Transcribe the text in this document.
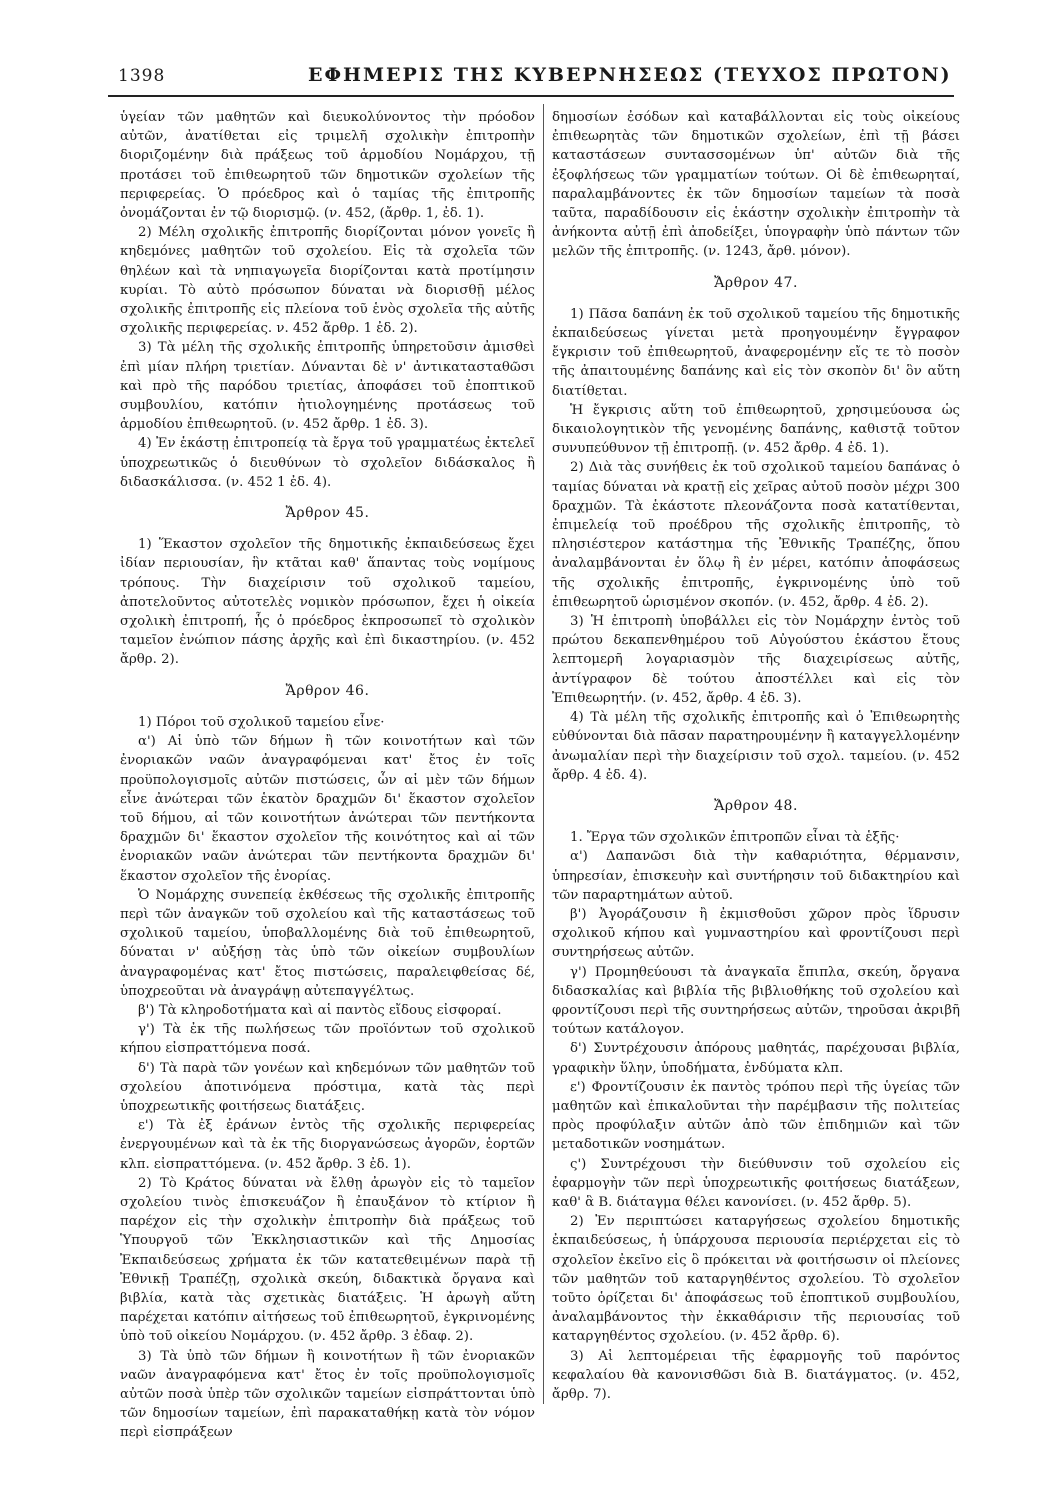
1398	ΕΦΗΜΕΡΙΣ ΤΗΣ ΚΥΒΕΡΝΗΣΕΩΣ (ΤΕΥΧΟΣ ΠΡΩΤΟΝ)

ὑγείαν τῶν μαθητῶν καὶ διευκολύνοντος τὴν πρόοδον αὐτῶν, ἀνατίθεται εἰς τριμελῆ σχολικὴν ἐπιτροπὴν διοριζομένην διὰ πράξεως τοῦ ἁρμοδίου Νομάρχου, τῇ προτάσει τοῦ ἐπιθεωρητοῦ τῶν δημοτικῶν σχολείων τῆς περιφερείας. Ὁ πρόεδρος καὶ ὁ ταμίας τῆς ἐπιτροπῆς ὀνομάζονται ἐν τῷ διορισμῷ. (ν. 452, (ἄρθρ. 1, ἐδ. 1).

2) Μέλη σχολικῆς ἐπιτροπῆς διορίζονται μόνον γονεῖς ἢ κηδεμόνες μαθητῶν τοῦ σχολείου. Εἰς τὰ σχολεῖα τῶν θηλέων καὶ τὰ νηπιαγωγεῖα διορίζονται κατὰ προτίμησιν κυρίαι. Τὸ αὐτὸ πρόσωπον δύναται νὰ διορισθῇ μέλος σχολικῆς ἐπιτροπῆς εἰς πλείονα τοῦ ἑνὸς σχολεῖα τῆς αὐτῆς σχολικῆς περιφερείας. ν. 452 ἄρθρ. 1 ἐδ. 2).

3) Τὰ μέλη τῆς σχολικῆς ἐπιτροπῆς ὑπηρετοῦσιν ἀμισθεὶ ἐπὶ μίαν πλήρη τριετίαν. Δύνανται δὲ ν' ἀντικατασταθῶσι καὶ πρὸ τῆς παρόδου τριετίας, ἀποφάσει τοῦ ἐποπτικοῦ συμβουλίου, κατόπιν ἠτιολογημένης προτάσεως τοῦ ἁρμοδίου ἐπιθεωρητοῦ. (ν. 452 ἄρθρ. 1 ἐδ. 3).

4) Ἐν ἑκάστῃ ἐπιτροπείᾳ τὰ ἔργα τοῦ γραμματέως ἐκτελεῖ ὑποχρεωτικῶς ὁ διευθύνων τὸ σχολεῖον διδάσκαλος ἢ διδασκάλισσα. (ν. 452 1 ἐδ. 4).

Ἄρθρον 45.

1) Ἕκαστον σχολεῖον τῆς δημοτικῆς ἐκπαιδεύσεως ἔχει ἰδίαν περιουσίαν, ἣν κτᾶται καθ' ἅπαντας τοὺς νομίμους τρόπους. Τὴν διαχείρισιν τοῦ σχολικοῦ ταμείου, ἀποτελοῦντος αὐτοτελὲς νομικὸν πρόσωπον, ἔχει ἡ οἰκεία σχολικὴ ἐπιτροπή, ἧς ὁ πρόεδρος ἐκπροσωπεῖ τὸ σχολικὸν ταμεῖον ἐνώπιον πάσης ἀρχῆς καὶ ἐπὶ δικαστηρίου. (ν. 452 ἄρθρ. 2).

Ἄρθρον 46.

1) Πόροι τοῦ σχολικοῦ ταμείου εἶνε·

α') Αἱ ὑπὸ τῶν δήμων ἢ τῶν κοινοτήτων καὶ τῶν ἐνοριακῶν ναῶν ἀναγραφόμεναι κατ' ἔτος ἐν τοῖς προϋπολογισμοῖς αὐτῶν πιστώσεις, ὧν αἱ μὲν τῶν δήμων εἶνε ἀνώτεραι τῶν ἑκατὸν δραχμῶν δι' ἕκαστον σχολεῖον τοῦ δήμου, αἱ τῶν κοινοτήτων ἀνώτεραι τῶν πεντήκοντα δραχμῶν δι' ἕκαστον σχολεῖον τῆς κοινότητος καὶ αἱ τῶν ἐνοριακῶν ναῶν ἀνώτεραι τῶν πεντήκοντα δραχμῶν δι' ἕκαστον σχολεῖον τῆς ἐνορίας.

Ὁ Νομάρχης συνεπείᾳ ἐκθέσεως τῆς σχολικῆς ἐπιτροπῆς περὶ τῶν ἀναγκῶν τοῦ σχολείου καὶ τῆς καταστάσεως τοῦ σχολικοῦ ταμείου, ὑποβαλλομένης διὰ τοῦ ἐπιθεωρητοῦ, δύναται ν' αὐξήσῃ τὰς ὑπὸ τῶν οἰκείων συμβουλίων ἀναγραφομένας κατ' ἔτος πιστώσεις, παραλειφθείσας δέ, ὑποχρεοῦται νὰ ἀναγράψῃ αὐτεπαγγέλτως.

β') Τὰ κληροδοτήματα καὶ αἱ παντὸς εἴδους εἰσφοραί.

γ') Τὰ ἐκ τῆς πωλήσεως τῶν προϊόντων τοῦ σχολικοῦ κήπου εἰσπραττόμενα ποσά.

δ') Τὰ παρὰ τῶν γονέων καὶ κηδεμόνων τῶν μαθητῶν τοῦ σχολείου ἀποτινόμενα πρόστιμα, κατὰ τὰς περὶ ὑποχρεωτικῆς φοιτήσεως διατάξεις.

ε') Τὰ ἐξ ἐράνων ἐντὸς τῆς σχολικῆς περιφερείας ἐνεργουμένων καὶ τὰ ἐκ τῆς διοργανώσεως ἀγορῶν, ἑορτῶν κλπ. εἰσπραττόμενα. (ν. 452 ἄρθρ. 3 ἐδ. 1).

2) Τὸ Κράτος δύναται νὰ ἔλθῃ ἀρωγὸν εἰς τὸ ταμεῖον σχολείου τινὸς ἐπισκευάζον ἢ ἐπαυξάνον τὸ κτίριον ἢ παρέχον εἰς τὴν σχολικὴν ἐπιτροπὴν διὰ πράξεως τοῦ Ὑπουργοῦ τῶν Ἐκκλησιαστικῶν καὶ τῆς Δημοσίας Ἐκπαιδεύσεως χρήματα ἐκ τῶν κατατεθειμένων παρὰ τῇ Ἐθνικῇ Τραπέζῃ, σχολικὰ σκεύη, διδακτικὰ ὄργανα καὶ βιβλία, κατὰ τὰς σχετικὰς διατάξεις. Ἡ ἀρωγὴ αὕτη παρέχεται κατόπιν αἰτήσεως τοῦ ἐπιθεωρητοῦ, ἐγκρινομένης ὑπὸ τοῦ οἰκείου Νομάρχου. (ν. 452 ἄρθρ. 3 ἐδαφ. 2).

3) Τὰ ὑπὸ τῶν δήμων ἢ κοινοτήτων ἢ τῶν ἐνοριακῶν ναῶν ἀναγραφόμενα κατ' ἔτος ἐν τοῖς προϋπολογισμοῖς αὐτῶν ποσὰ ὑπὲρ τῶν σχολικῶν ταμείων εἰσπράττονται ὑπὸ τῶν δημοσίων ταμείων, ἐπὶ παρακαταθήκῃ κατὰ τὸν νόμον περὶ εἰσπράξεων

δημοσίων ἐσόδων καὶ καταβάλλονται εἰς τοὺς οἰκείους ἐπιθεωρητὰς τῶν δημοτικῶν σχολείων, ἐπὶ τῇ βάσει καταστάσεων συντασσομένων ὑπ' αὐτῶν διὰ τῆς ἐξοφλήσεως τῶν γραμματίων τούτων. Οἱ δὲ ἐπιθεωρηταί, παραλαμβάνοντες ἐκ τῶν δημοσίων ταμείων τὰ ποσὰ ταῦτα, παραδίδουσιν εἰς ἑκάστην σχολικὴν ἐπιτροπὴν τὰ ἀνήκοντα αὐτῇ ἐπὶ ἀποδείξει, ὑπογραφὴν ὑπὸ πάντων τῶν μελῶν τῆς ἐπιτροπῆς. (ν. 1243, ἄρθ. μόνον).

Ἄρθρον 47.

1) Πᾶσα δαπάνη ἐκ τοῦ σχολικοῦ ταμείου τῆς δημοτικῆς ἐκπαιδεύσεως γίνεται μετὰ προηγουμένην ἔγγραφον ἔγκρισιν τοῦ ἐπιθεωρητοῦ, ἀναφερομένην εἴς τε τὸ ποσὸν τῆς ἀπαιτουμένης δαπάνης καὶ εἰς τὸν σκοπὸν δι' ὃν αὕτη διατίθεται.

Ἡ ἔγκρισις αὕτη τοῦ ἐπιθεωρητοῦ, χρησιμεύουσα ὡς δικαιολογητικὸν τῆς γενομένης δαπάνης, καθιστᾷ τοῦτον συνυπεύθυνον τῇ ἐπιτροπῇ. (ν. 452 ἄρθρ. 4 ἐδ. 1).

2) Διὰ τὰς συνήθεις ἐκ τοῦ σχολικοῦ ταμείου δαπάνας ὁ ταμίας δύναται νὰ κρατῇ εἰς χεῖρας αὐτοῦ ποσὸν μέχρι 300 δραχμῶν. Τὰ ἑκάστοτε πλεονάζοντα ποσὰ κατατίθενται, ἐπιμελείᾳ τοῦ προέδρου τῆς σχολικῆς ἐπιτροπῆς, τὸ πλησιέστερον κατάστημα τῆς Ἐθνικῆς Τραπέζης, ὅπου ἀναλαμβάνονται ἐν ὅλῳ ἢ ἐν μέρει, κατόπιν ἀποφάσεως τῆς σχολικῆς ἐπιτροπῆς, ἐγκρινομένης ὑπὸ τοῦ ἐπιθεωρητοῦ ὡρισμένον σκοπόν. (ν. 452, ἄρθρ. 4 ἐδ. 2).

3) Ἡ ἐπιτροπὴ ὑποβάλλει εἰς τὸν Νομάρχην ἐντὸς τοῦ πρώτου δεκαπενθημέρου τοῦ Αὐγούστου ἑκάστου ἔτους λεπτομερῆ λογαριασμὸν τῆς διαχειρίσεως αὐτῆς, ἀντίγραφον δὲ τούτου ἀποστέλλει καὶ εἰς τὸν Ἐπιθεωρητήν. (ν. 452, ἄρθρ. 4 ἐδ. 3).

4) Τὰ μέλη τῆς σχολικῆς ἐπιτροπῆς καὶ ὁ Ἐπιθεωρητὴς εὐθύνονται διὰ πᾶσαν παρατηρουμένην ἢ καταγγελλομένην ἀνωμαλίαν περὶ τὴν διαχείρισιν τοῦ σχολ. ταμείου. (ν. 452 ἄρθρ. 4 ἐδ. 4).

Ἄρθρον 48.

1. Ἔργα τῶν σχολικῶν ἐπιτροπῶν εἶναι τὰ ἑξῆς·

α') Δαπανῶσι διὰ τὴν καθαριότητα, θέρμανσιν, ὑπηρεσίαν, ἐπισκευὴν καὶ συντήρησιν τοῦ διδακτηρίου καὶ τῶν παραρτημάτων αὐτοῦ.

β') Ἀγοράζουσιν ἢ ἐκμισθοῦσι χῶρον πρὸς ἵδρυσιν σχολικοῦ κήπου καὶ γυμναστηρίου καὶ φροντίζουσι περὶ συντηρήσεως αὐτῶν.

γ') Προμηθεύουσι τὰ ἀναγκαῖα ἔπιπλα, σκεύη, ὄργανα διδασκαλίας καὶ βιβλία τῆς βιβλιοθήκης τοῦ σχολείου καὶ φροντίζουσι περὶ τῆς συντηρήσεως αὐτῶν, τηροῦσαι ἀκριβῆ τούτων κατάλογον.

δ') Συντρέχουσιν ἀπόρους μαθητάς, παρέχουσαι βιβλία, γραφικὴν ὕλην, ὑποδήματα, ἐνδύματα κλπ.

ε') Φροντίζουσιν ἐκ παντὸς τρόπου περὶ τῆς ὑγείας τῶν μαθητῶν καὶ ἐπικαλοῦνται τὴν παρέμβασιν τῆς πολιτείας πρὸς προφύλαξιν αὐτῶν ἀπὸ τῶν ἐπιδημιῶν καὶ τῶν μεταδοτικῶν νοσημάτων.

ς') Συντρέχουσι τὴν διεύθυνσιν τοῦ σχολείου εἰς ἐφαρμογὴν τῶν περὶ ὑποχρεωτικῆς φοιτήσεως διατάξεων, καθ' ἃ Β. διάταγμα θέλει κανονίσει. (ν. 452 ἄρθρ. 5).

2) Ἐν περιπτώσει καταργήσεως σχολείου δημοτικῆς ἐκπαιδεύσεως, ἡ ὑπάρχουσα περιουσία περιέρχεται εἰς τὸ σχολεῖον ἐκεῖνο εἰς ὃ πρόκειται νὰ φοιτήσωσιν οἱ πλείονες τῶν μαθητῶν τοῦ καταργηθέντος σχολείου. Τὸ σχολεῖον τοῦτο ὁρίζεται δι' ἀποφάσεως τοῦ ἐποπτικοῦ συμβουλίου, ἀναλαμβάνοντος τὴν ἐκκαθάρισιν τῆς περιουσίας τοῦ καταργηθέντος σχολείου. (ν. 452 ἄρθρ. 6).

3) Αἱ λεπτομέρειαι τῆς ἐφαρμογῆς τοῦ παρόντος κεφαλαίου θὰ κανονισθῶσι διὰ Β. διατάγματος. (ν. 452, ἄρθρ. 7).
